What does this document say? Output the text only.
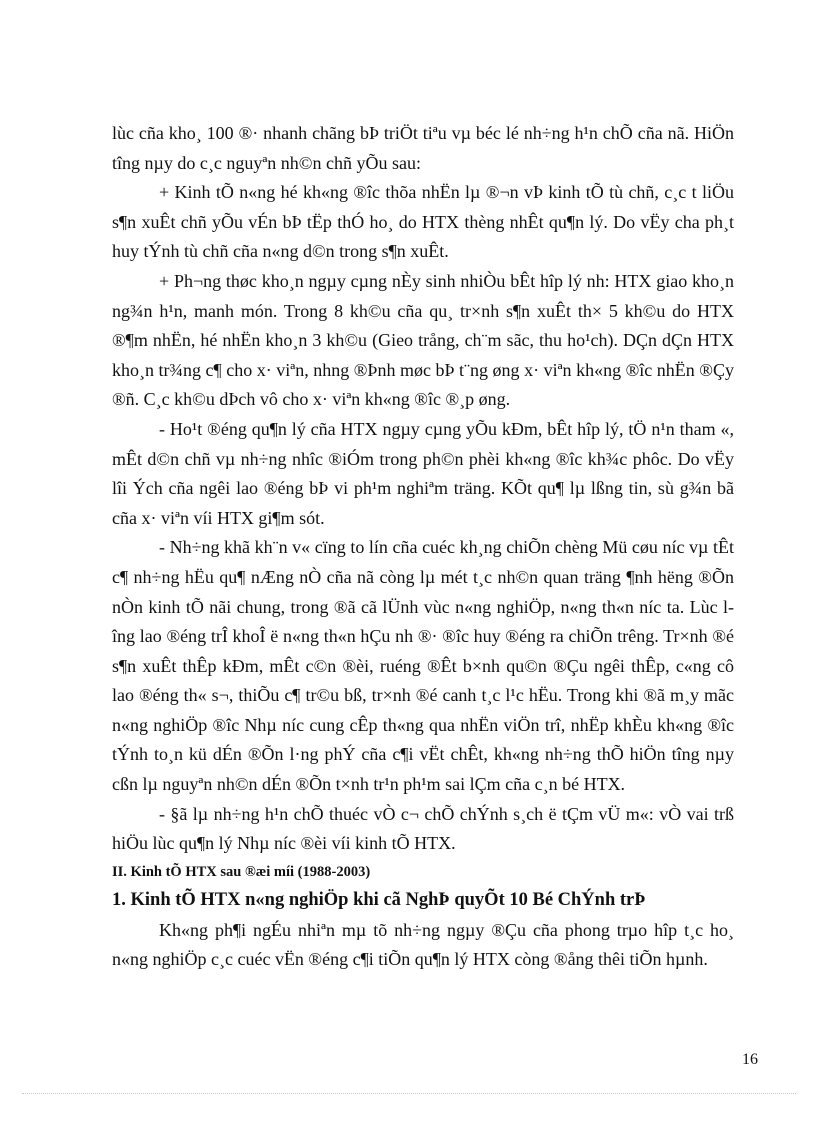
lùc cña kho¸ 100 ®· nhanh chãng bÞ triÖt tiªu vµ béc lé nh÷ng h¹n chÕ cña nã. HiÖn tîng nµy do c¸c nguyªn nh©n chñ yÕu sau:

+ Kinh tÕ n«ng hé kh«ng ®îc thõa nhËn lµ ®¬n vÞ kinh tÕ tù chñ, c¸c t liÖu s¶n xuÊt chñ yÕu vÉn bÞ tËp thÓ ho¸ do HTX thèng nhÊt qu¶n lý. Do vËy cha ph¸t huy tÝnh tù chñ cña n«ng d©n trong s¶n xuÊt.

+ Ph¬ng thøc kho¸n ngµy cµng nÈy sinh nhiÒu bÊt hîp lý nh: HTX giao kho¸n ng¾n h¹n, manh món. Trong 8 kh©u cña qu¸ tr×nh s¶n xuÊt th× 5 kh©u do HTX ®¶m nhËn, hé nhËn kho¸n 3 kh©u (Gieo trång, ch¨m sãc, thu ho¹ch). DÇn dÇn HTX kho¸n tr¾ng c¶ cho x· viªn, nhng ®Þnh møc bÞ t¨ng øng x· viªn kh«ng ®îc nhËn ®Çy ®ñ. C¸c kh©u dÞch vô cho x· viªn kh«ng ®îc ®¸p øng.

- Ho¹t ®éng qu¶n lý cña HTX ngµy cµng yÕu kÐm, bÊt hîp lý, tÖ n¹n tham «, mÊt d©n chñ vµ nh÷ng nhîc ®iÓm trong ph©n phèi kh«ng ®îc kh¾c phôc. Do vËy lîi Ých cña ngêi lao ®éng bÞ vi ph¹m nghiªm träng. KÕt qu¶ lµ lßng tin, sù g¾n bã cña x· viªn víi HTX gi¶m sót.

- Nh÷ng khã kh¨n v« cïng to lín cña cuéc kh¸ng chiÕn chèng Mü cøu níc vµ tÊt c¶ nh÷ng hËu qu¶ nÆng nÒ cña nã còng lµ mét t¸c nh©n quan träng ¶nh hëng ®Õn nÒn kinh tÕ nãi chung, trong ®ã cã lÜnh vùc n«ng nghiÖp, n«ng th«n níc ta. Lùc lîng lao ®éng trÎ khoÎ ë n«ng th«n hÇu nh ®· ®îc huy ®éng ra chiÕn trêng. Tr×nh ®é s¶n xuÊt thÊp kÐm, mÊt c©n ®èi, ruéng ®Êt b×nh qu©n ®Çu ngêi thÊp, c«ng cô lao ®éng th« s¬, thiÕu c¶ tr©u bß, tr×nh ®é canh t¸c l¹c hËu. Trong khi ®ã m¸y mãc n«ng nghiÖp ®îc Nhµ níc cung cÊp th«ng qua nhËn viÖn trî, nhËp khÈu kh«ng ®îc tÝnh to¸n kü dÉn ®Õn l·ng phÝ cña c¶i vËt chÊt, kh«ng nh÷ng thÕ hiÖn tîng nµy cßn lµ nguyªn nh©n dÉn ®Õn t×nh tr¹n ph¹m sai lÇm cña c¸n bé HTX.

- §ã lµ nh÷ng h¹n chÕ thuéc vÒ c¬ chÕ chÝnh s¸ch ë tÇm vÜ m«: vÒ vai trß hiÖu lùc qu¶n lý Nhµ níc ®èi víi kinh tÕ HTX.

II. Kinh tÕ HTX sau ®æi míi (1988-2003)

1. Kinh tÕ HTX n«ng nghiÖp khi cã NghÞ quyÕt 10 Bé ChÝnh trÞ

Kh«ng ph¶i ngÉu nhiªn mµ tõ nh÷ng ngµy ®Çu cña phong trµo hîp t¸c ho¸ n«ng nghiÖp c¸c cuéc vËn ®éng c¶i tiÕn qu¶n lý HTX còng ®ång thêi tiÕn hµnh.

16
